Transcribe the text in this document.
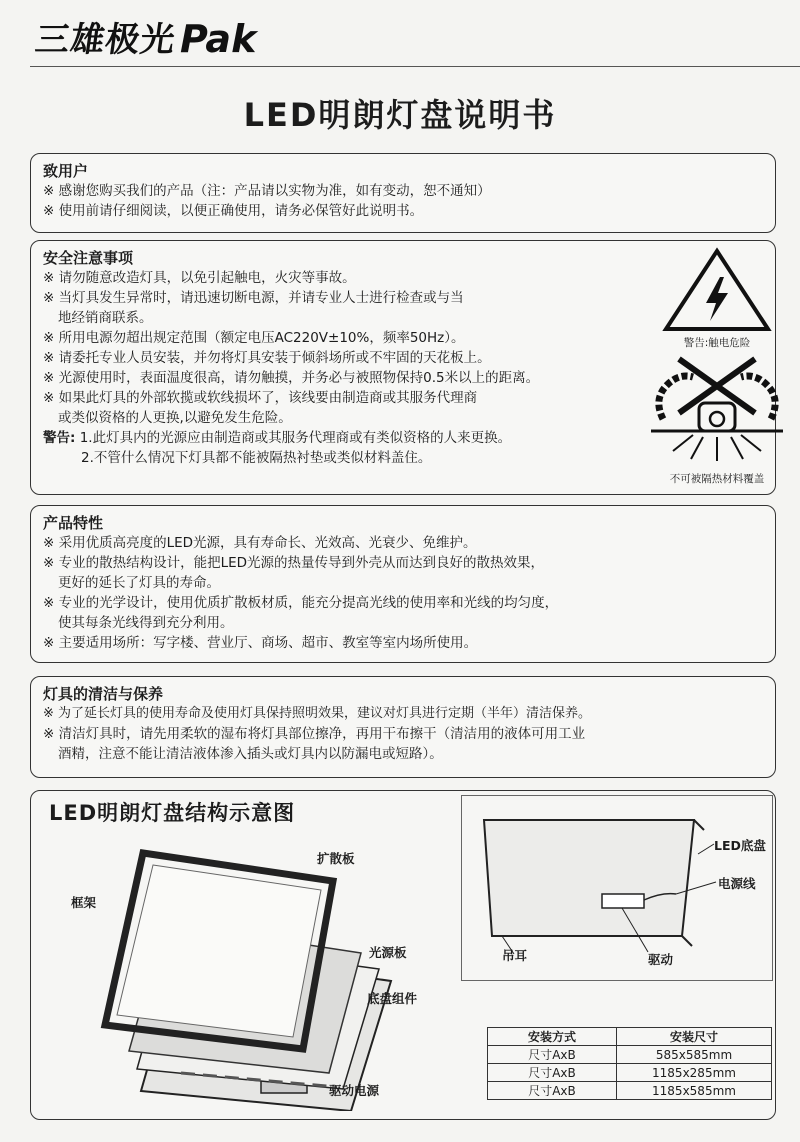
三雄极光 Pak
LED明朗灯盘说明书
致用户
※ 感谢您购买我们的产品（注：产品请以实物为准，如有变动，恕不通知）
※ 使用前请仔细阅读，以便正确使用，请务必保管好此说明书。
安全注意事项
※ 请勿随意改造灯具，以免引起触电，火灾等事故。
※ 当灯具发生异常时，请迅速切断电源，并请专业人士进行检查或与当
地经销商联系。
※ 所用电源勿超出规定范围（额定电压AC220V±10%，频率50Hz）。
※ 请委托专业人员安装，并勿将灯具安装于倾斜场所或不牢固的天花板上。
※ 光源使用时，表面温度很高，请勿触摸，并务必与被照物保持0.5米以上的距离。
※ 如果此灯具的外部软揽或软线损坏了，该线要由制造商或其服务代理商
或类似资格的人更换,以避免发生危险。
警告: 1.此灯具内的光源应由制造商或其服务代理商或有类似资格的人来更换。
2.不管什么情况下灯具都不能被隔热衬垫或类似材料盖住。
警告:触电危险
不可被隔热材料覆盖
产品特性
※ 采用优质高亮度的LED光源，具有寿命长、光效高、光衰少、免维护。
※ 专业的散热结构设计，能把LED光源的热量传导到外壳从而达到良好的散热效果，
更好的延长了灯具的寿命。
※ 专业的光学设计，使用优质扩散板材质，能充分提高光线的使用率和光线的均匀度，
使其每条光线得到充分利用。
※ 主要适用场所：写字楼、营业厅、商场、超市、教室等室内场所使用。
灯具的清洁与保养
※ 为了延长灯具的使用寿命及使用灯具保持照明效果，建议对灯具进行定期（半年）清洁保养。
※ 清洁灯具时，请先用柔软的湿布将灯具部位擦净，再用干布擦干（清洁用的液体可用工业
酒精，注意不能让清洁液体渗入插头或灯具内以防漏电或短路）。
LED明朗灯盘结构示意图
框架
扩散板
光源板
底盘组件
驱动电源
LED底盘
电源线
吊耳	驱动
安装方式	安装尺寸
尺寸AxB	585x585mm
尺寸AxB	1185x285mm
尺寸AxB	1185x585mm
